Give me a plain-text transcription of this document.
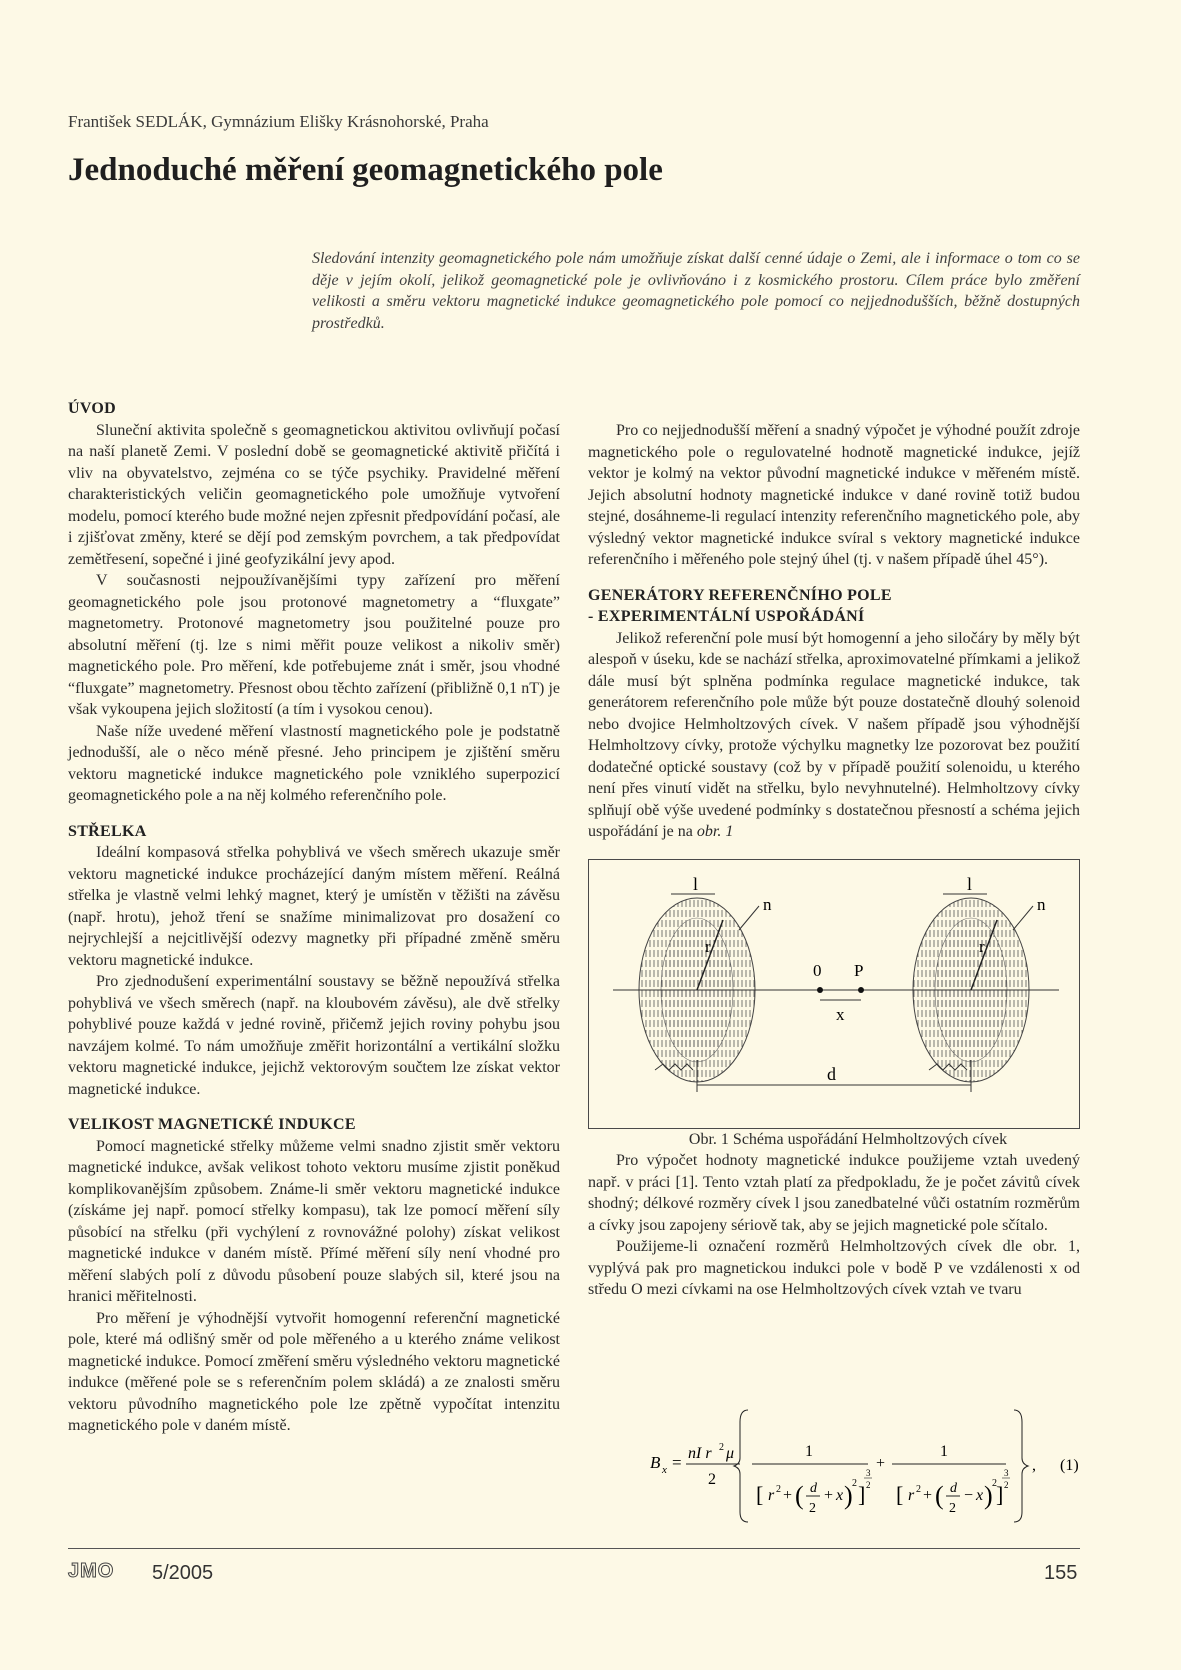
František SEDLÁK, Gymnázium Elišky Krásnohorské, Praha
Jednoduché měření geomagnetického pole

Sledování intenzity geomagnetického pole nám umožňuje získat další cenné údaje o Zemi, ale i informace o tom co se děje v jejím okolí, jelikož geomagnetické pole je ovlivňováno i z kosmického prostoru. Cílem práce bylo změření velikosti a směru vektoru magnetické indukce geomagnetického pole pomocí co nejjednodušších, běžně dostupných prostředků.

ÚVOD

Sluneční aktivita společně s geomagnetickou aktivitou ovlivňují počasí na naší planetě Zemi. V poslední době se geomagnetické aktivitě přičítá i vliv na obyvatelstvo, zejména co se týče psychiky. Pravidelné měření charakteristických veličin geomagnetického pole umožňuje vytvoření modelu, pomocí kterého bude možné nejen zpřesnit předpovídání počasí, ale i zjišťovat změny, které se dějí pod zemským povrchem, a tak předpovídat zemětřesení, sopečné i jiné geofyzikální jevy apod.

V současnosti nejpoužívanějšími typy zařízení pro měření geomagnetického pole jsou protonové magnetometry a “fluxgate” magnetometry. Protonové magnetometry jsou použitelné pouze pro absolutní měření (tj. lze s nimi měřit pouze velikost a nikoliv směr) magnetického pole. Pro měření, kde potřebujeme znát i směr, jsou vhodné “fluxgate” magnetometry. Přesnost obou těchto zařízení (přibližně 0,1 nT) je však vykoupena jejich složitostí (a tím i vysokou cenou).

Naše níže uvedené měření vlastností magnetického pole je podstatně jednodušší, ale o něco méně přesné. Jeho principem je zjištění směru vektoru magnetické indukce magnetického pole vzniklého superpozicí geomagnetického pole a na něj kolmého referenčního pole.

STŘELKA

Ideální kompasová střelka pohyblivá ve všech směrech ukazuje směr vektoru magnetické indukce procházející daným místem měření. Reálná střelka je vlastně velmi lehký magnet, který je umístěn v těžišti na závěsu (např. hrotu), jehož tření se snažíme minimalizovat pro dosažení co nejrychlejší a nejcitlivější odezvy magnetky při případné změně směru vektoru magnetické indukce.

Pro zjednodušení experimentální soustavy se běžně nepoužívá střelka pohyblivá ve všech směrech (např. na kloubovém závěsu), ale dvě střelky pohyblivé pouze každá v jedné rovině, přičemž jejich roviny pohybu jsou navzájem kolmé. To nám umožňuje změřit horizontální a vertikální složku vektoru magnetické indukce, jejichž vektorovým součtem lze získat vektor magnetické indukce.

VELIKOST MAGNETICKÉ INDUKCE

Pomocí magnetické střelky můžeme velmi snadno zjistit směr vektoru magnetické indukce, avšak velikost tohoto vektoru musíme zjistit poněkud komplikovanějším způsobem. Známe-li směr vektoru magnetické indukce (získáme jej např. pomocí střelky kompasu), tak lze pomocí měření síly působící na střelku (při vychýlení z rovnovážné polohy) získat velikost magnetické indukce v daném místě. Přímé měření síly není vhodné pro měření slabých polí z důvodu působení pouze slabých sil, které jsou na hranici měřitelnosti.

Pro měření je výhodnější vytvořit homogenní referenční magnetické pole, které má odlišný směr od pole měřeného a u kterého známe velikost magnetické indukce. Pomocí změření směru výsledného vektoru magnetické indukce (měřené pole se s referenčním polem skládá) a ze znalosti směru vektoru původního magnetického pole lze zpětně vypočítat intenzitu magnetického pole v daném místě.

Pro co nejjednodušší měření a snadný výpočet je výhodné použít zdroje magnetického pole o regulovatelné hodnotě magnetické indukce, jejíž vektor je kolmý na vektor původní magnetické indukce v měřeném místě. Jejich absolutní hodnoty magnetické indukce v dané rovině totiž budou stejné, dosáhneme-li regulací intenzity referenčního magnetického pole, aby výsledný vektor magnetické indukce svíral s vektory magnetické indukce referenčního i měřeného pole stejný úhel (tj. v našem případě úhel 45°).

GENERÁTORY REFERENČNÍHO POLE
- EXPERIMENTÁLNÍ USPOŘÁDÁNÍ

Jelikož referenční pole musí být homogenní a jeho siločáry by měly být alespoň v úseku, kde se nachází střelka, aproximovatelné přímkami a jelikož dále musí být splněna podmínka regulace magnetické indukce, tak generátorem referenčního pole může být pouze dostatečně dlouhý solenoid nebo dvojice Helmholtzových cívek. V našem případě jsou výhodnější Helmholtzovy cívky, protože výchylku magnetky lze pozorovat bez použití dodatečné optické soustavy (což by v případě použití solenoidu, u kterého není přes vinutí vidět na střelku, bylo nevyhnutelné). Helmholtzovy cívky splňují obě výše uvedené podmínky s dostatečnou přesností a schéma jejich uspořádání je na obr. 1

l	l
n	n
r	r
0 P
x
d

Obr. 1 Schéma uspořádání Helmholtzových cívek

Pro výpočet hodnoty magnetické indukce použijeme vztah uvedený např. v práci [1]. Tento vztah platí za předpokladu, že je počet závitů cívek shodný; délkové rozměry cívek l jsou zanedbatelné vůči ostatním rozměrům a cívky jsou zapojeny sériově tak, aby se jejich magnetické pole sčítalo.

Použijeme-li označení rozměrů Helmholtzových cívek dle obr. 1, vyplývá pak pro magnetickou indukci pole v bodě P ve vzdálenosti x od středu O mezi cívkami na ose Helmholtzových cívek vztah ve tvaru

B x = nI r 2 μ
2
1
[ r 2 + ( d
2
+ x ) 2 ]
3
2
+
1
[ r 2 + ( d
2
− x ) 2 ]
3
2
, (1)
JMO 5/2005	155
